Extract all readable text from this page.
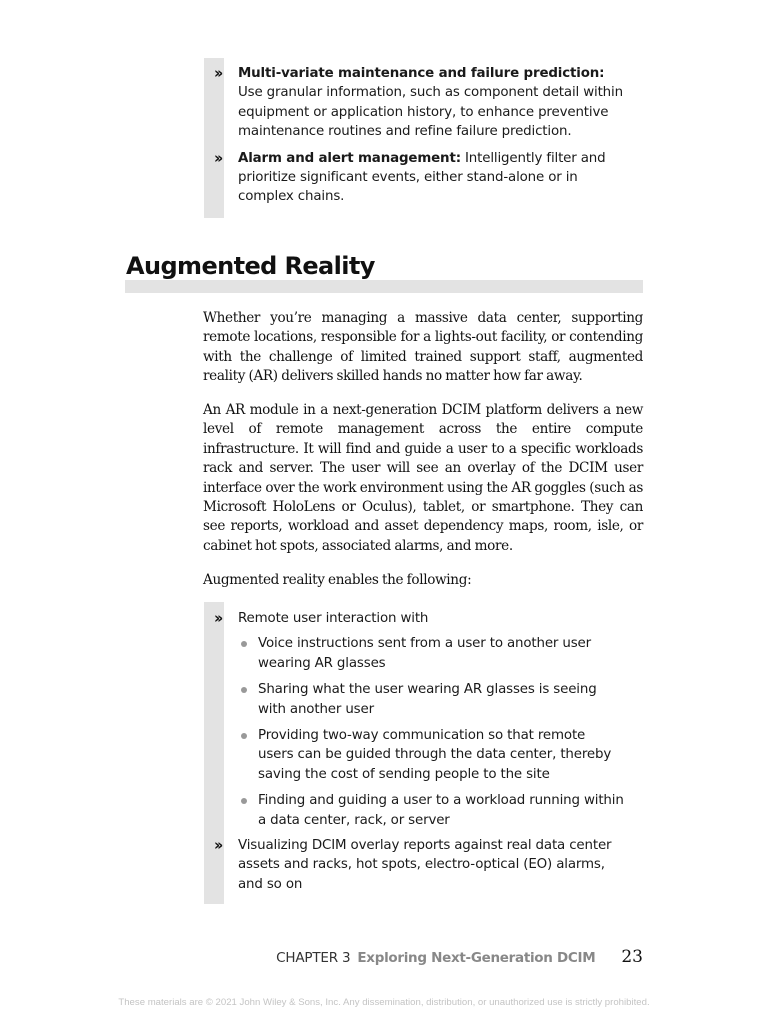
›› Multi-variate maintenance and failure prediction: Use granular information, such as component detail within equipment or application history, to enhance preventive maintenance routines and refine failure prediction.
›› Alarm and alert management: Intelligently filter and prioritize significant events, either stand-alone or in complex chains.
Augmented Reality

Whether you’re managing a massive data center, supporting remote locations, responsible for a lights-out facility, or contending with the challenge of limited trained support staff, augmented reality (AR) delivers skilled hands no matter how far away.

An AR module in a next-generation DCIM platform delivers a new level of remote management across the entire compute infrastructure. It will find and guide a user to a specific workloads rack and server. The user will see an overlay of the DCIM user interface over the work environment using the AR goggles (such as Microsoft HoloLens or Oculus), tablet, or smartphone. They can see reports, workload and asset dependency maps, room, isle, or cabinet hot spots, associated alarms, and more.

Augmented reality enables the following:

›› Remote user interaction with
Voice instructions sent from a user to another user wearing AR glasses
Sharing what the user wearing AR glasses is seeing with another user
Providing two-way communication so that remote users can be guided through the data center, thereby saving the cost of sending people to the site
Finding and guiding a user to a workload running within a data center, rack, or server
›› Visualizing DCIM overlay reports against real data center assets and racks, hot spots, electro-optical (EO) alarms, and so on
CHAPTER 3 Exploring Next-Generation DCIM 23
These materials are © 2021 John Wiley & Sons, Inc. Any dissemination, distribution, or unauthorized use is strictly prohibited.
